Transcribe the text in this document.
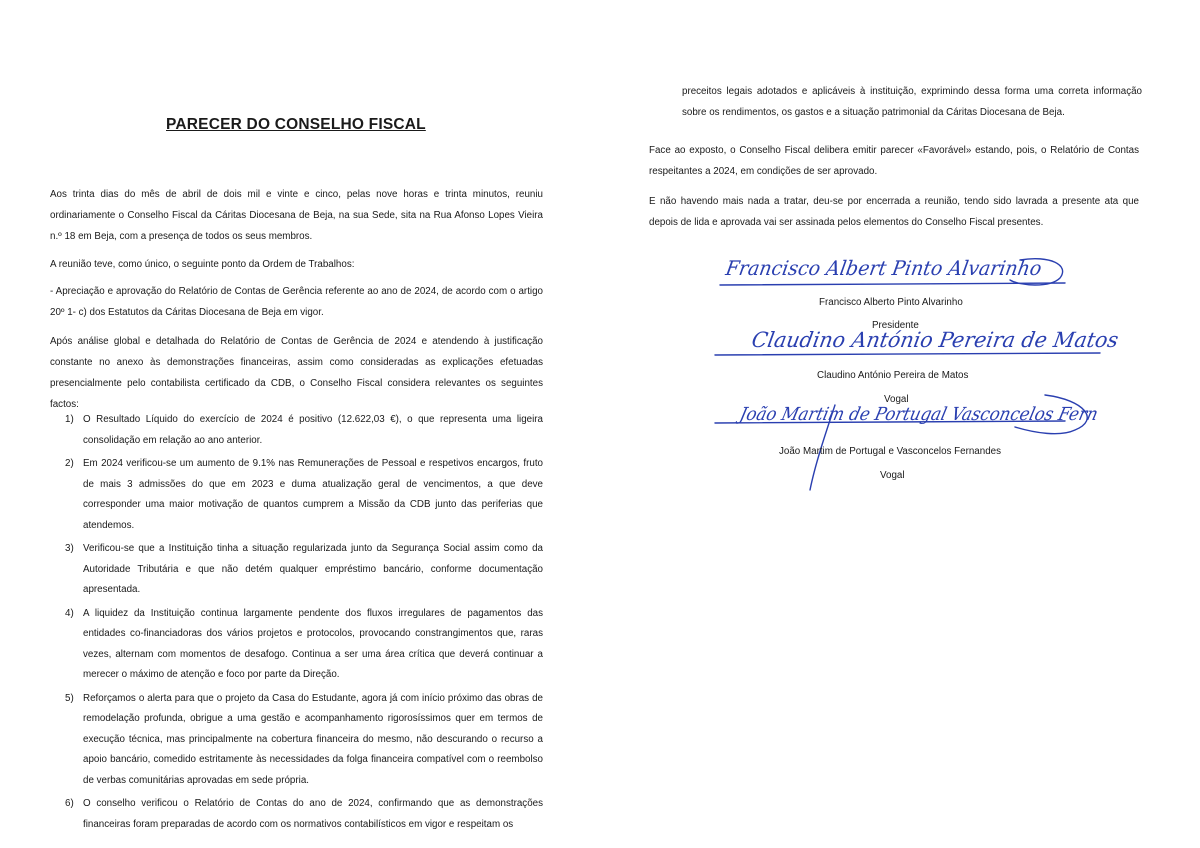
PARECER DO CONSELHO FISCAL

Aos trinta dias do mês de abril de dois mil e vinte e cinco, pelas nove horas e trinta minutos, reuniu ordinariamente o Conselho Fiscal da Cáritas Diocesana de Beja, na sua Sede, sita na Rua Afonso Lopes Vieira n.º 18 em Beja, com a presença de todos os seus membros.

A reunião teve, como único, o seguinte ponto da Ordem de Trabalhos:

- Apreciação e aprovação do Relatório de Contas de Gerência referente ao ano de 2024, de acordo com o artigo 20º 1- c) dos Estatutos da Cáritas Diocesana de Beja em vigor.

Após análise global e detalhada do Relatório de Contas de Gerência de 2024 e atendendo à justificação constante no anexo às demonstrações financeiras, assim como consideradas as explicações efetuadas presencialmente pelo contabilista certificado da CDB, o Conselho Fiscal considera relevantes os seguintes factos:

1) O Resultado Líquido do exercício de 2024 é positivo (12.622,03 €), o que representa uma ligeira consolidação em relação ao ano anterior.
2) Em 2024 verificou-se um aumento de 9.1% nas Remunerações de Pessoal e respetivos encargos, fruto de mais 3 admissões do que em 2023 e duma atualização geral de vencimentos, a que deve corresponder uma maior motivação de quantos cumprem a Missão da CDB junto das periferias que atendemos.
3) Verificou-se que a Instituição tinha a situação regularizada junto da Segurança Social assim como da Autoridade Tributária e que não detém qualquer empréstimo bancário, conforme documentação apresentada.
4) A liquidez da Instituição continua largamente pendente dos fluxos irregulares de pagamentos das entidades co-financiadoras dos vários projetos e protocolos, provocando constrangimentos que, raras vezes, alternam com momentos de desafogo. Continua a ser uma área crítica que deverá continuar a merecer o máximo de atenção e foco por parte da Direção.
5) Reforçamos o alerta para que o projeto da Casa do Estudante, agora já com início próximo das obras de remodelação profunda, obrigue a uma gestão e acompanhamento rigorosíssimos quer em termos de execução técnica, mas principalmente na cobertura financeira do mesmo, não descurando o recurso a apoio bancário, comedido estritamente às necessidades da folga financeira compatível com o reembolso de verbas comunitárias aprovadas em sede própria.
6) O conselho verificou o Relatório de Contas do ano de 2024, confirmando que as demonstrações financeiras foram preparadas de acordo com os normativos contabilísticos em vigor e respeitam os

preceitos legais adotados e aplicáveis à instituição, exprimindo dessa forma uma correta informação sobre os rendimentos, os gastos e a situação patrimonial da Cáritas Diocesana de Beja.

Face ao exposto, o Conselho Fiscal delibera emitir parecer «Favorável» estando, pois, o Relatório de Contas respeitantes a 2024, em condições de ser aprovado.

E não havendo mais nada a tratar, deu-se por encerrada a reunião, tendo sido lavrada a presente ata que depois de lida e aprovada vai ser assinada pelos elementos do Conselho Fiscal presentes.

Francisco Albert Pinto Alvarinho
Francisco Alberto Pinto Alvarinho
Presidente
Claudino António Pereira de Matos
Claudino António Pereira de Matos
Vogal
João Martim de Portugal Vasconcelos Fern
João Martim de Portugal e Vasconcelos Fernandes
Vogal
